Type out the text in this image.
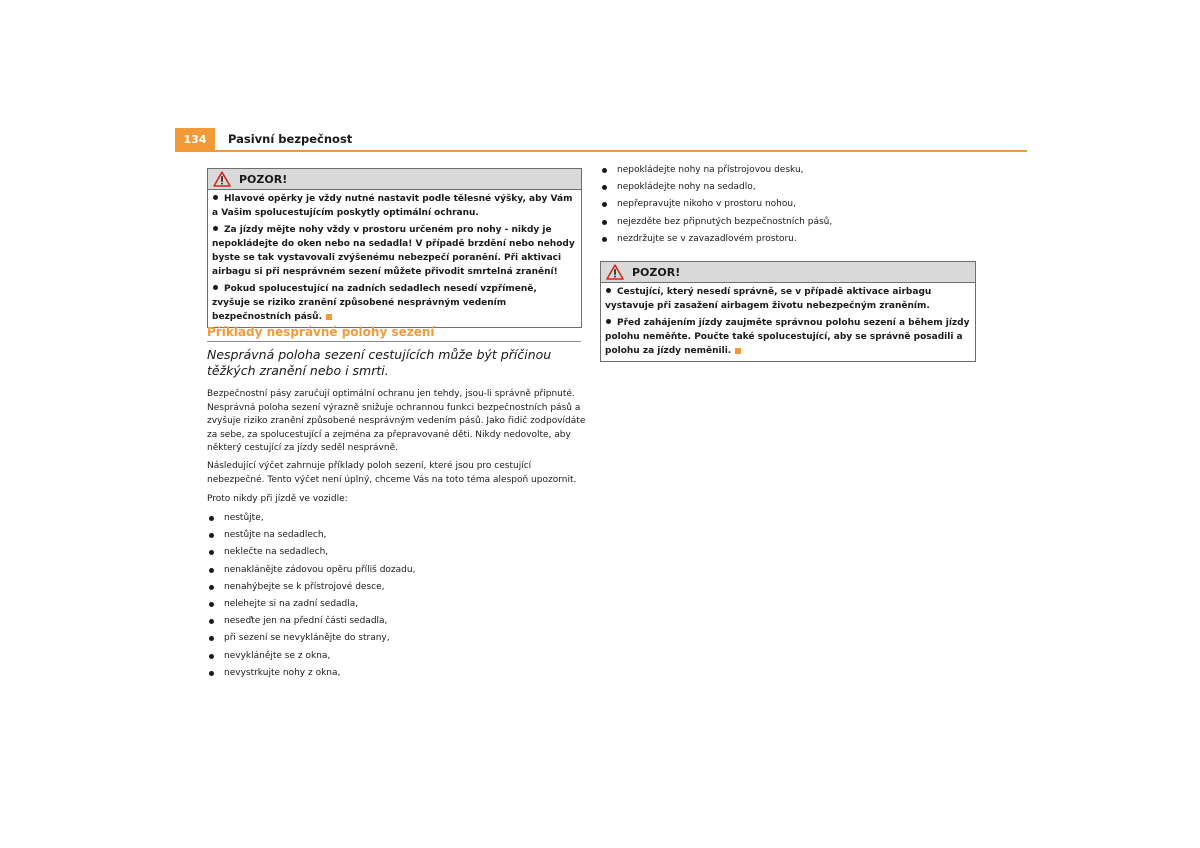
134	Pasivní bezpečnost
POZOR!

Hlavové opěrky je vždy nutné nastavit podle tělesné výšky, aby Vám a Vašim spolucestujícím poskytly optimální ochranu.

Za jízdy mějte nohy vždy v prostoru určeném pro nohy - nikdy je nepokládejte do oken nebo na sedadla! V případě brzdění nebo nehody byste se tak vystavovali zvýšenému nebezpečí poranění. Při aktivaci airbagu si při nesprávném sezení můžete přivodit smrtelná zranění!

Pokud spolucestující na zadních sedadlech nesedí vzpřímeně, zvyšuje se riziko zranění způsobené nesprávným vedením bezpečnostních pásů.

Příklady nesprávné polohy sezení
Nesprávná poloha sezení cestujících může být příčinou těžkých zranění nebo i smrti.
Bezpečnostní pásy zaručují optimální ochranu jen tehdy, jsou-li správně připnuté. Nesprávná poloha sezení výrazně snižuje ochrannou funkci bezpečnostních pásů a zvyšuje riziko zranění způsobené nesprávným vedením pásů. Jako řidič zodpovídáte za sebe, za spolucestující a zejména za přepravované děti. Nikdy nedovolte, aby některý cestující za jízdy seděl nesprávně.
Následující výčet zahrnuje příklady poloh sezení, které jsou pro cestující nebezpečné. Tento výčet není úplný, chceme Vás na toto téma alespoň upozornit.
Proto nikdy při jízdě ve vozidle:
nestůjte,
nestůjte na sedadlech,
neklečte na sedadlech,
nenaklánějte zádovou opěru příliš dozadu,
nenahýbejte se k přístrojové desce,
nelehejte si na zadní sedadla,
neseďte jen na přední části sedadla,
při sezení se nevyklánějte do strany,
nevyklánějte se z okna,
nevystrkujte nohy z okna,
nepokládejte nohy na přístrojovou desku,
nepokládejte nohy na sedadlo,
nepřepravujte nikoho v prostoru nohou,
nejezděte bez připnutých bezpečnostních pásů,
nezdržujte se v zavazadlovém prostoru.
POZOR!

Cestující, který nesedí správně, se v případě aktivace airbagu vystavuje při zasažení airbagem životu nebezpečným zraněním.

Před zahájením jízdy zaujměte správnou polohu sezení a během jízdy polohu neměňte. Poučte také spolucestující, aby se správně posadili a polohu za jízdy neměnili.
